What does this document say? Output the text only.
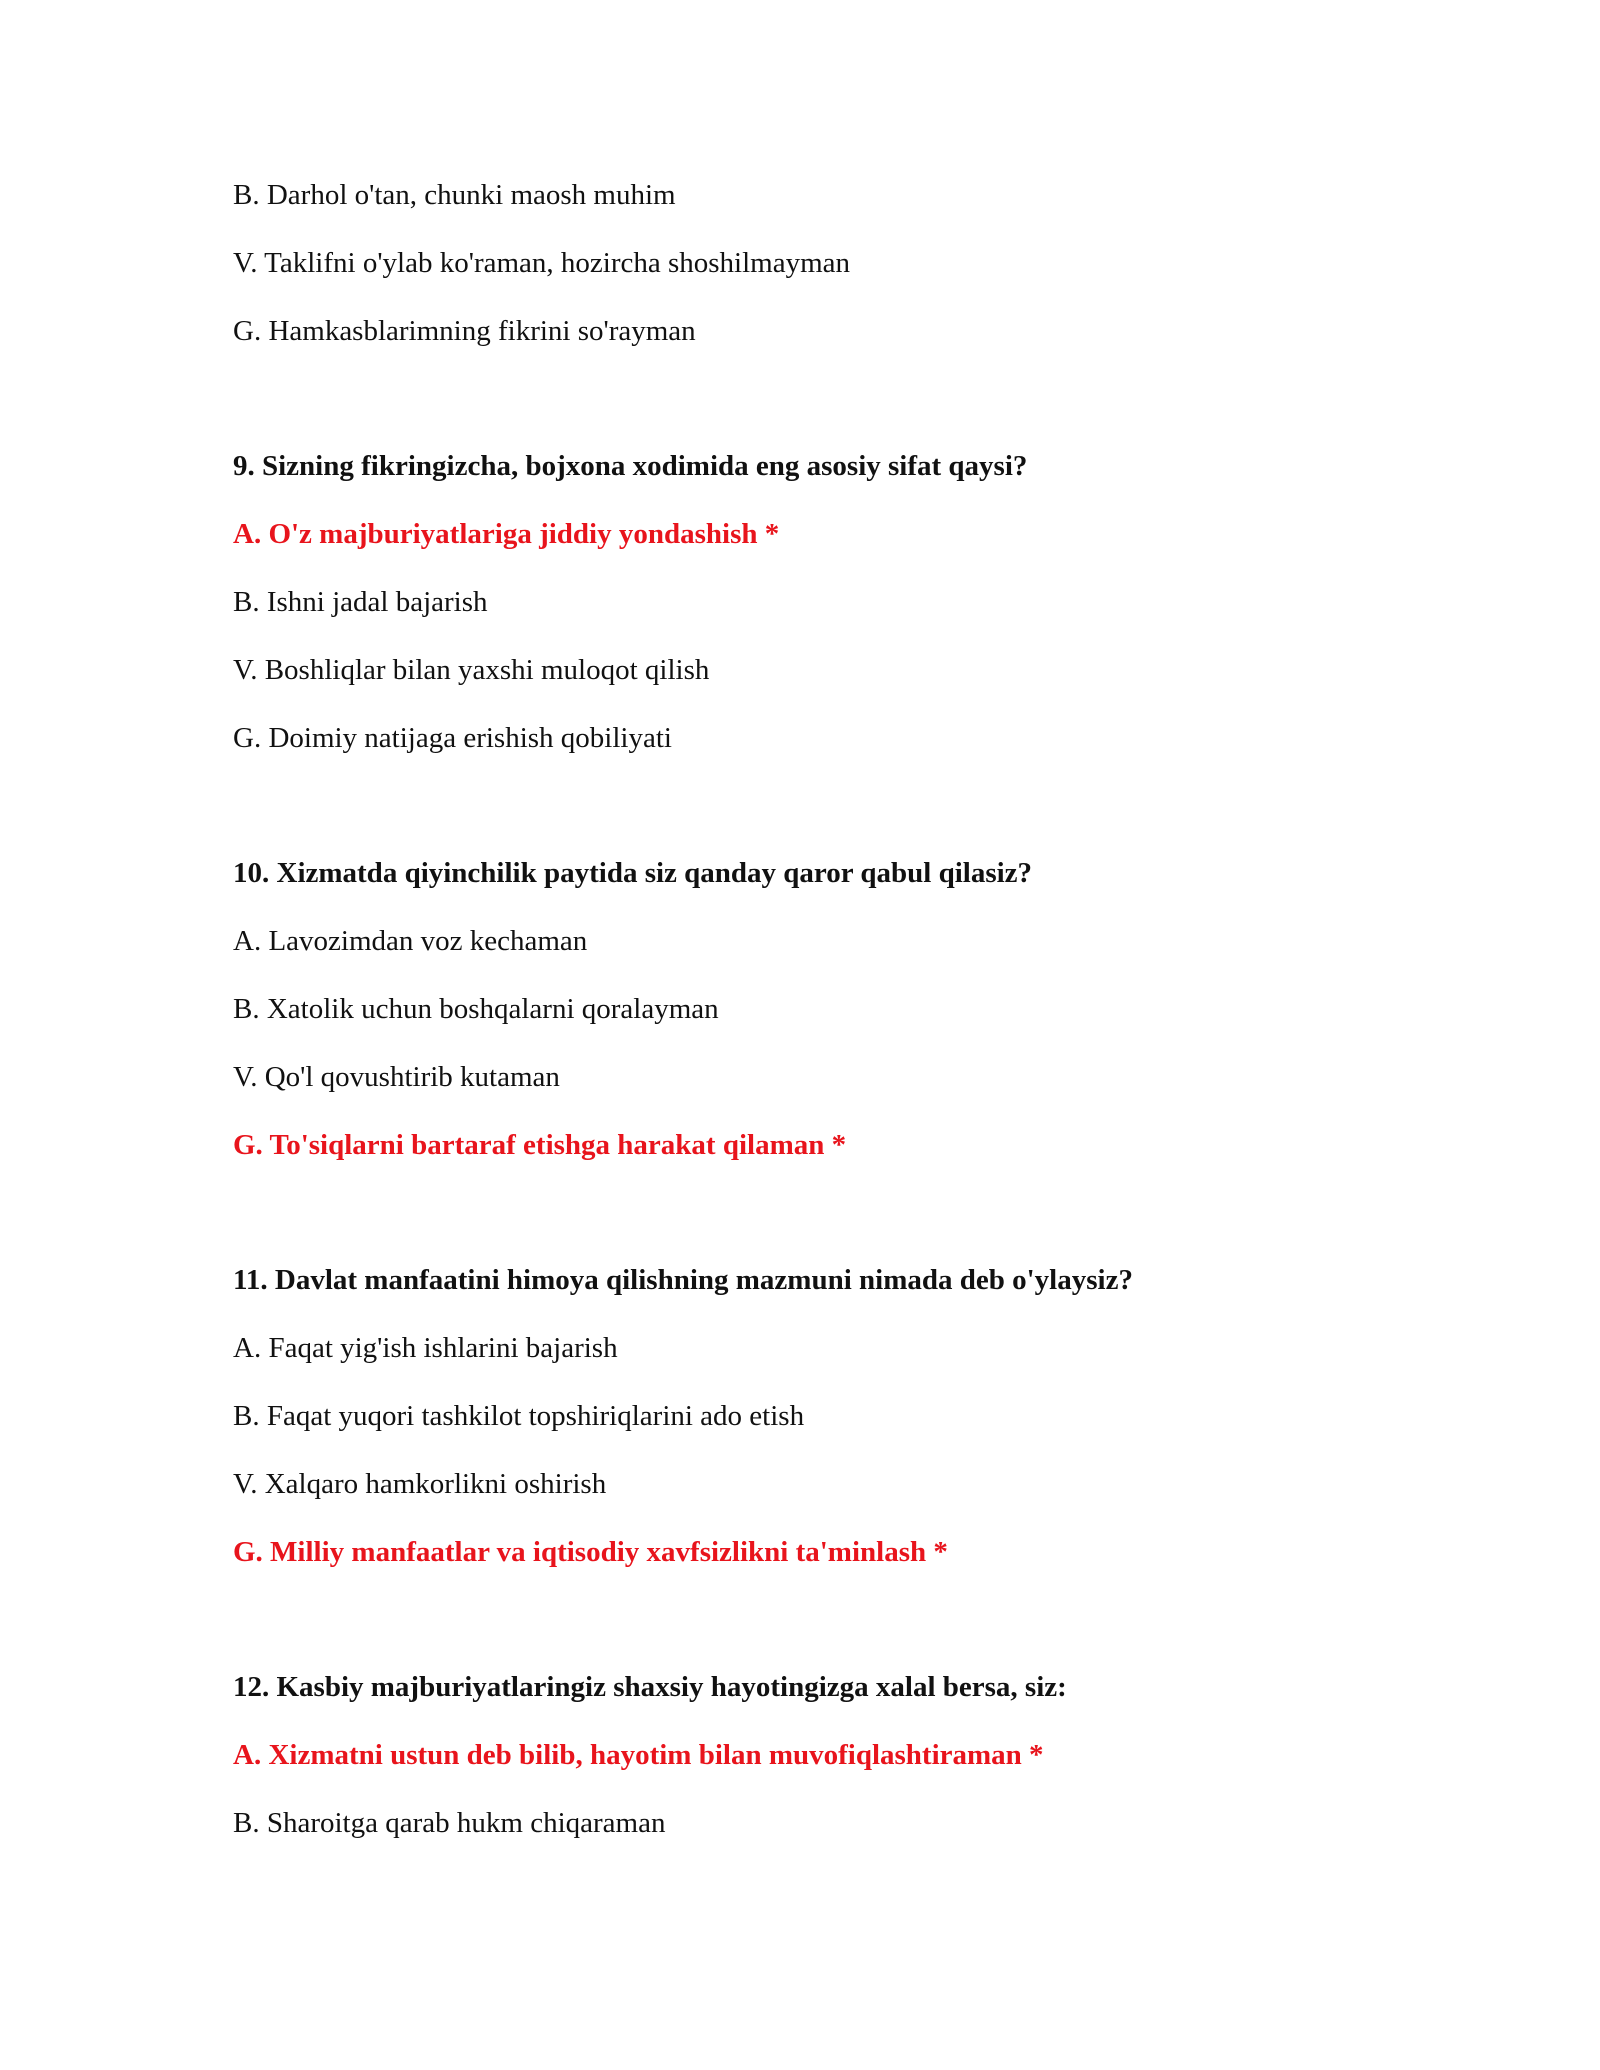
B. Darhol o'tan, chunki maosh muhim
V. Taklifni o'ylab ko'raman, hozircha shoshilmayman
G. Hamkasblarimning fikrini so'rayman
9. Sizning fikringizcha, bojxona xodimida eng asosiy sifat qaysi?
A. O'z majburiyatlariga jiddiy yondashish *
B. Ishni jadal bajarish
V. Boshliqlar bilan yaxshi muloqot qilish
G. Doimiy natijaga erishish qobiliyati
10. Xizmatda qiyinchilik paytida siz qanday qaror qabul qilasiz?
A. Lavozimdan voz kechaman
B. Xatolik uchun boshqalarni qoralayman
V. Qo'l qovushtirib kutaman
G. To'siqlarni bartaraf etishga harakat qilaman *
11. Davlat manfaatini himoya qilishning mazmuni nimada deb o'ylaysiz?
A. Faqat yig'ish ishlarini bajarish
B. Faqat yuqori tashkilot topshiriqlarini ado etish
V. Xalqaro hamkorlikni oshirish
G. Milliy manfaatlar va iqtisodiy xavfsizlikni ta'minlash *
12. Kasbiy majburiyatlaringiz shaxsiy hayotingizga xalal bersa, siz:
A. Xizmatni ustun deb bilib, hayotim bilan muvofiqlashtiraman *
B. Sharoitga qarab hukm chiqaraman
